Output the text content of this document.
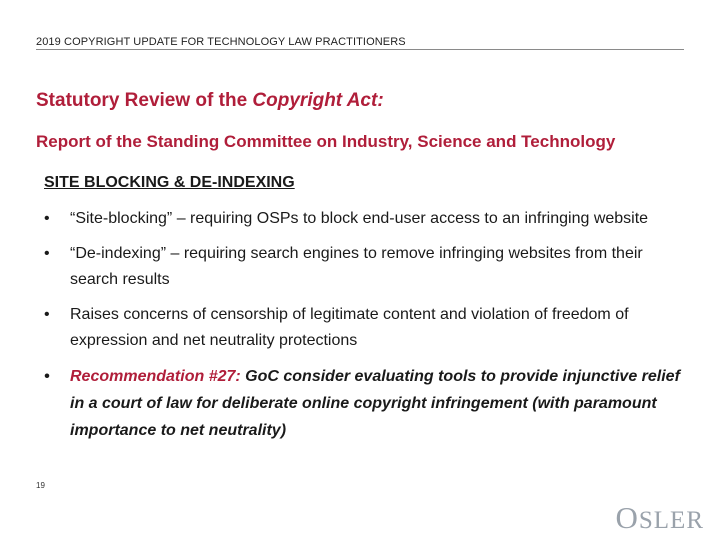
2019 COPYRIGHT UPDATE FOR TECHNOLOGY LAW PRACTITIONERS
Statutory Review of the Copyright Act:
Report of the Standing Committee on Industry, Science and Technology
SITE BLOCKING & DE-INDEXING
• “Site-blocking” – requiring OSPs to block end-user access to an infringing website
• “De-indexing” – requiring search engines to remove infringing websites from their search results
• Raises concerns of censorship of legitimate content and violation of freedom of expression and net neutrality protections
• Recommendation #27: GoC consider evaluating tools to provide injunctive relief in a court of law for deliberate online copyright infringement (with paramount importance to net neutrality)
19
OSLER
